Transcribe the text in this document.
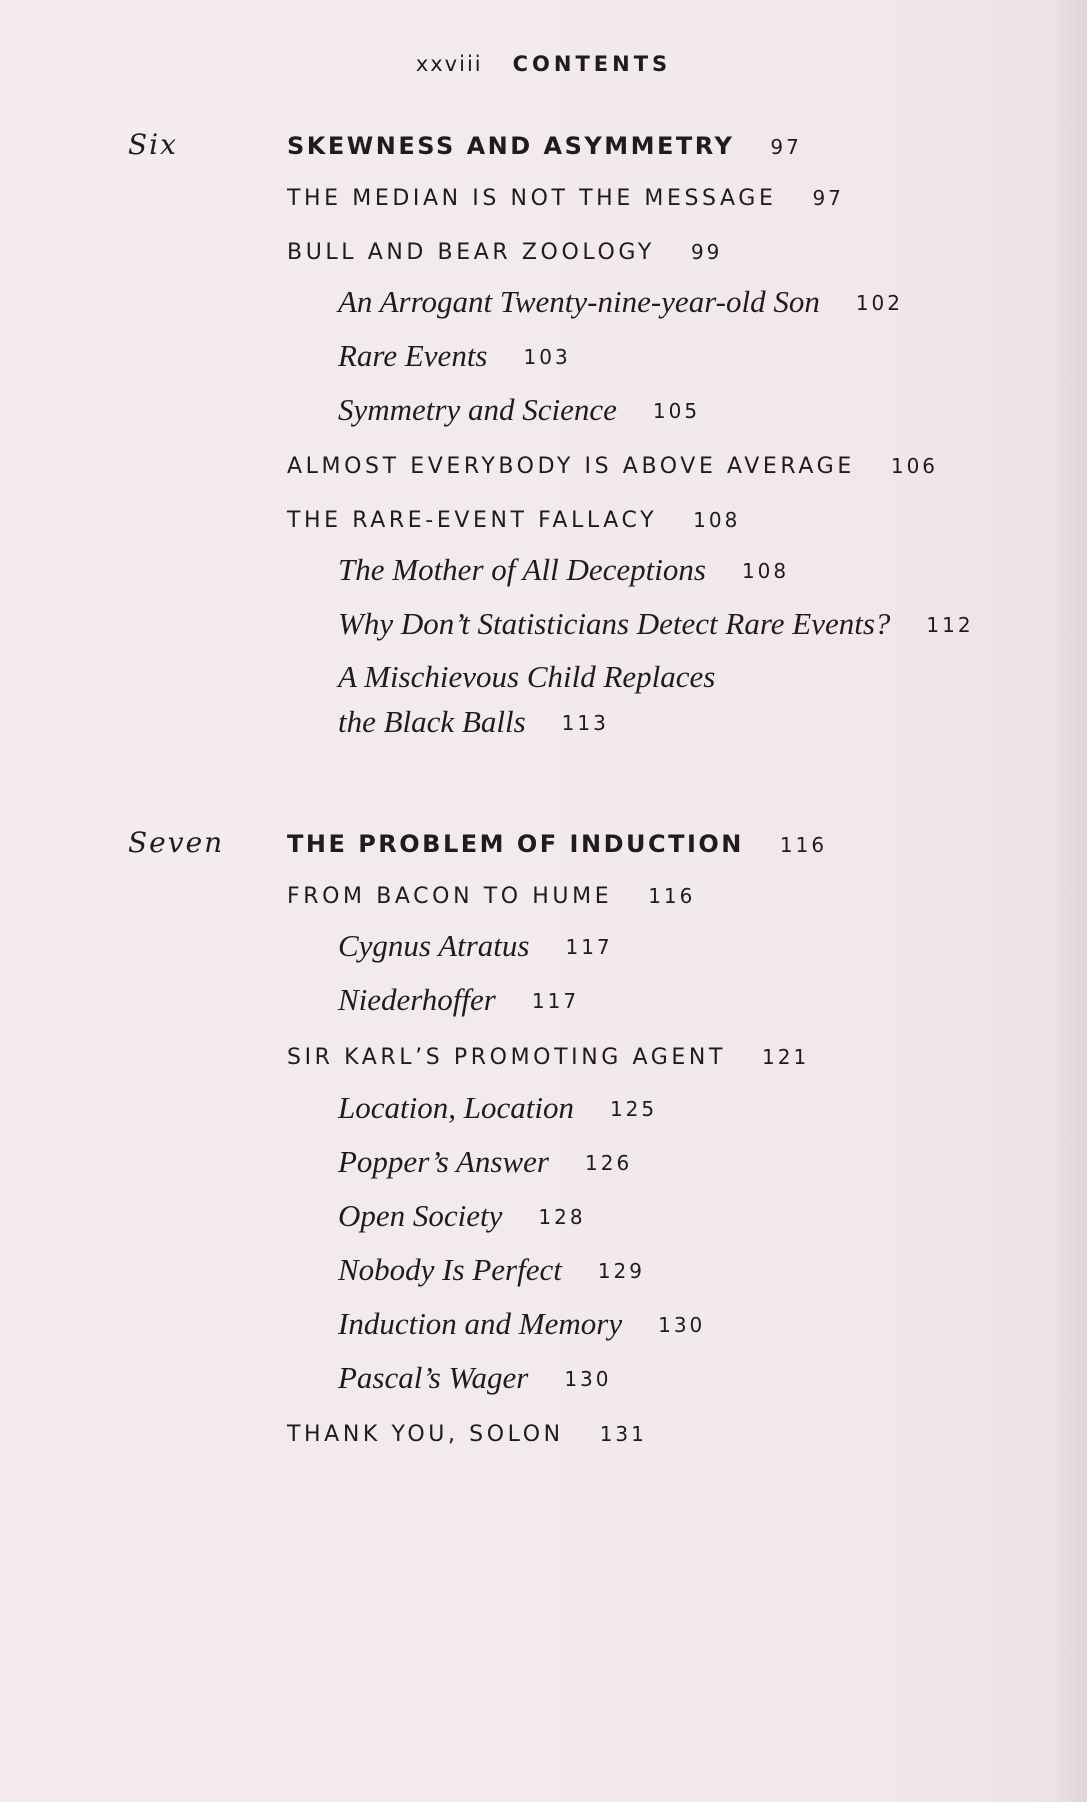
xxviii CONTENTS
Six	SKEWNESS AND ASYMMETRY 97
THE MEDIAN IS NOT THE MESSAGE 97
BULL AND BEAR ZOOLOGY 99
An Arrogant Twenty-nine-year-old Son 102
Rare Events 103
Symmetry and Science 105
ALMOST EVERYBODY IS ABOVE AVERAGE 106
THE RARE-EVENT FALLACY 108
The Mother of All Deceptions 108
Why Don’t Statisticians Detect Rare Events? 112
A Mischievous Child Replaces
the Black Balls 113
Seven	THE PROBLEM OF INDUCTION 116
FROM BACON TO HUME 116
Cygnus Atratus 117
Niederhoffer 117
SIR KARL’S PROMOTING AGENT 121
Location, Location 125
Popper’s Answer 126
Open Society 128
Nobody Is Perfect 129
Induction and Memory 130
Pascal’s Wager 130
THANK YOU, SOLON 131
